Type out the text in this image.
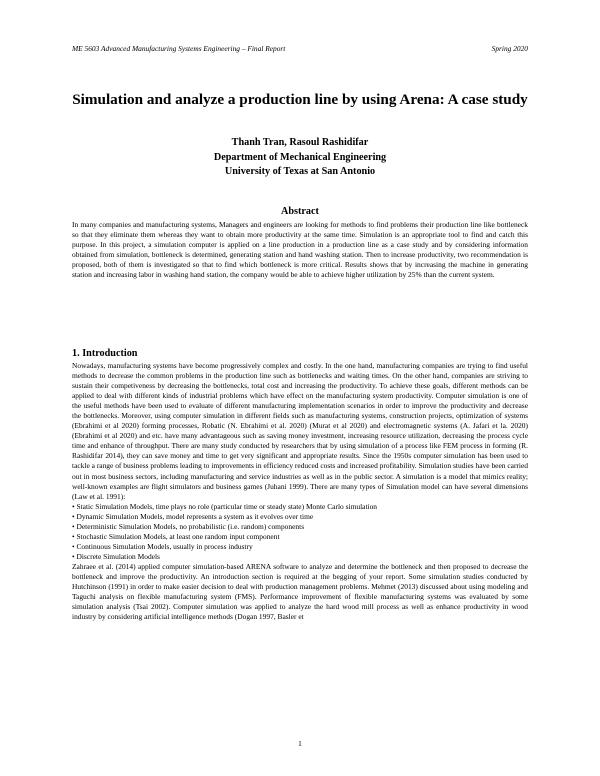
ME 5603 Advanced Manufacturing Systems Engineering – Final Report	Spring 2020
Simulation and analyze a production line by using Arena: A case study
Thanh Tran, Rasoul Rashidifar
Department of Mechanical Engineering
University of Texas at San Antonio
Abstract
In many companies and manufacturing systems, Managers and engineers are looking for methods to find problems their production line like bottleneck so that they eliminate them whereas they want to obtain more productivity at the same time. Simulation is an appropriate tool to find and catch this purpose. In this project, a simulation computer is applied on a line production in a production line as a case study and by considering information obtained from simulation, bottleneck is determined, generating station and hand washing station. Then to increase productivity, two recommendation is proposed, both of them is investigated so that to find which bottleneck is more critical. Results shows that by increasing the machine in generating station and increasing labor in washing hand station, the company would be able to achieve higher utilization by 25% than the current system.
1. Introduction

Nowadays, manufacturing systems have become progressively complex and costly. In the one hand, manufacturing companies are trying to find useful methods to decrease the common problems in the production line such as bottlenecks and waiting times. On the other hand, companies are striving to sustain their competiveness by decreasing the bottlenecks, total cost and increasing the productivity. To achieve these goals, different methods can be applied to deal with different kinds of industrial problems which have effect on the manufacturing system productivity. Computer simulation is one of the useful methods have been used to evaluate of different manufacturing implementation scenarios in order to improve the productivity and decrease the bottlenecks. Moreover, using computer simulation in different fields such as manufacturing systems, construction projects, optimization of systems (Ebrahimi et al 2020) forming processes, Robatic (N. Ebrahimi et al. 2020) (Murat et al 2020) and electromagnetic systems (A. Jafari et la. 2020) (Ebrahimi et al 2020) and etc. have many advantageous such as saving money investment, increasing resource utilization, decreasing the process cycle time and enhance of throughput. There are many study conducted by researchers that by using simulation of a process like FEM process in forming (R. Rashidifar 2014), they can save money and time to get very significant and appropriate results. Since the 1950s computer simulation has been used to tackle a range of business problems leading to improvements in efficiency reduced costs and increased profitability. Simulation studies have been carried out in most business sectors, including manufacturing and service industries as well as in the public sector. A simulation is a model that mimics reality; well-known examples are flight simulators and business games (Juhani 1999). There are many types of Simulation model can have several dimensions (Law et al. 1991):

• Static Simulation Models, time plays no role (particular time or steady state) Monte Carlo simulation
• Dynamic Simulation Models, model represents a system as it evolves over time
• Deterministic Simulation Models, no probabilistic (i.e. random) components
• Stochastic Simulation Models, at least one random input component
• Continuous Simulation Models, usually in process industry
• Discrete Simulation Models

Zahraee et al. (2014) applied computer simulation-based ARENA software to analyze and determine the bottleneck and then proposed to decrease the bottleneck and improve the productivity. An introduction section is required at the begging of your report. Some simulation studies conducted by Hutchinson (1991) in order to make easier decision to deal with production management problems. Mehmet (2013) discussed about using modeling and Taguchi analysis on flexible manufacturing system (FMS). Performance improvement of flexible manufacturing systems was evaluated by some simulation analysis (Tsai 2002). Computer simulation was applied to analyze the hard wood mill process as well as enhance productivity in wood industry by considering artificial intelligence methods (Dogan 1997, Basler et

1
